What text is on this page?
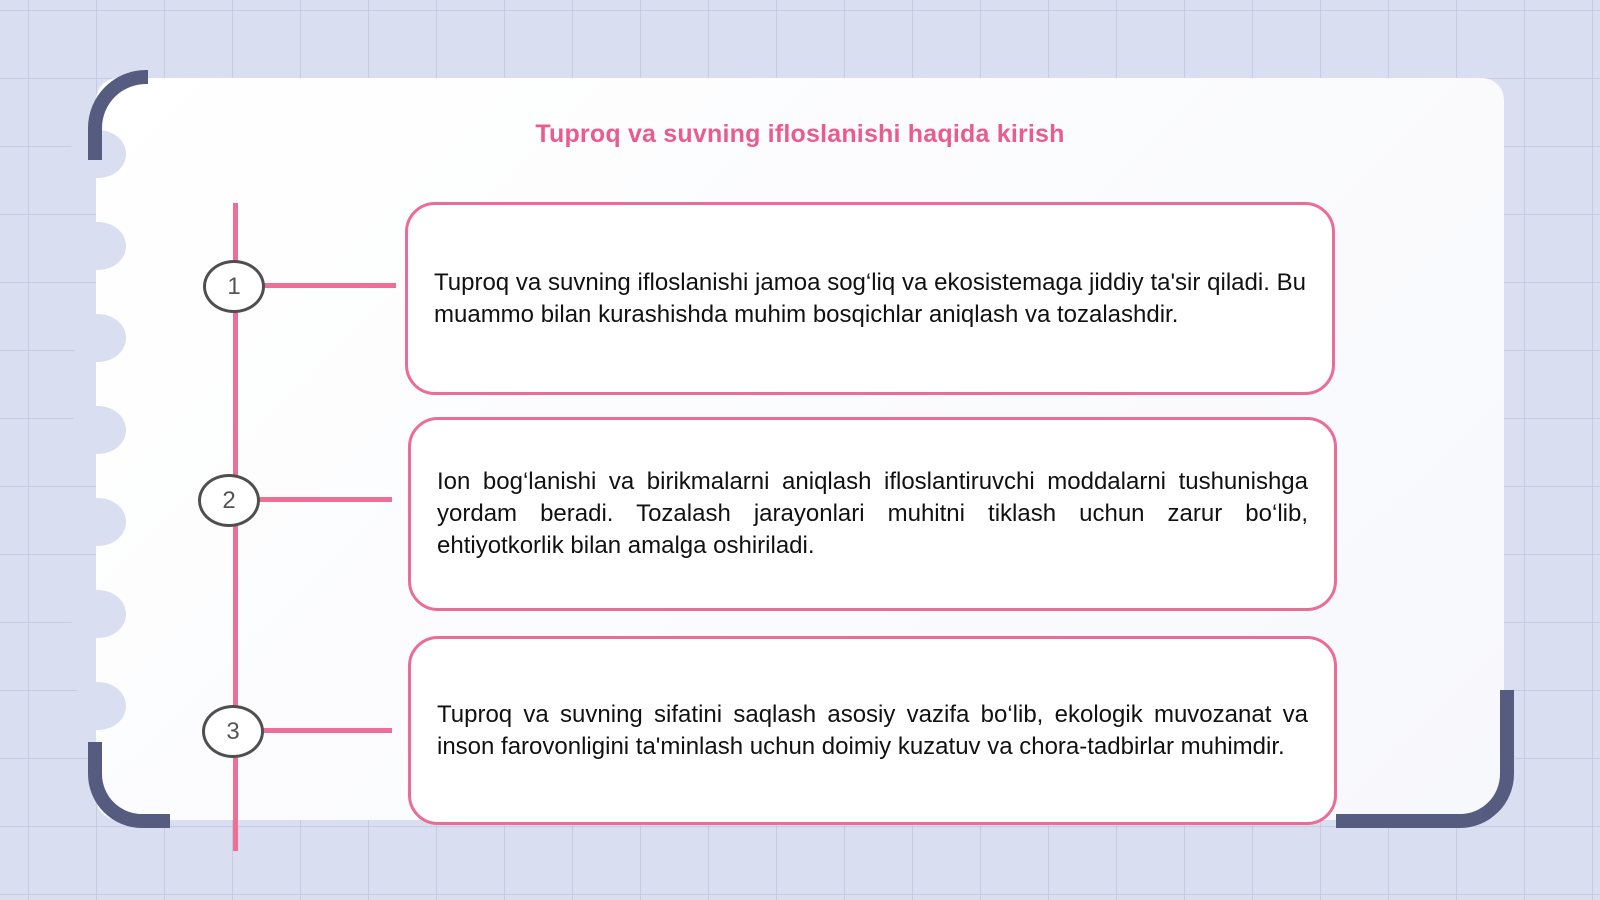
Tuproq va suvning ifloslanishi haqida kirish
1	Tuproq va suvning ifloslanishi jamoa sog‘liq va ekosistemaga jiddiy ta'sir qiladi. Bu muammo bilan kurashishda muhim bosqichlar aniqlash va tozalashdir.
2
Ion bog‘lanishi va birikmalarni aniqlash ifloslantiruvchi moddalarni tushunishga yordam beradi. Tozalash jarayonlari muhitni tiklash uchun zarur bo‘lib, ehtiyotkorlik bilan amalga oshiriladi.
3
Tuproq va suvning sifatini saqlash asosiy vazifa bo‘lib, ekologik muvozanat va inson farovonligini ta'minlash uchun doimiy kuzatuv va chora-tadbirlar muhimdir.
